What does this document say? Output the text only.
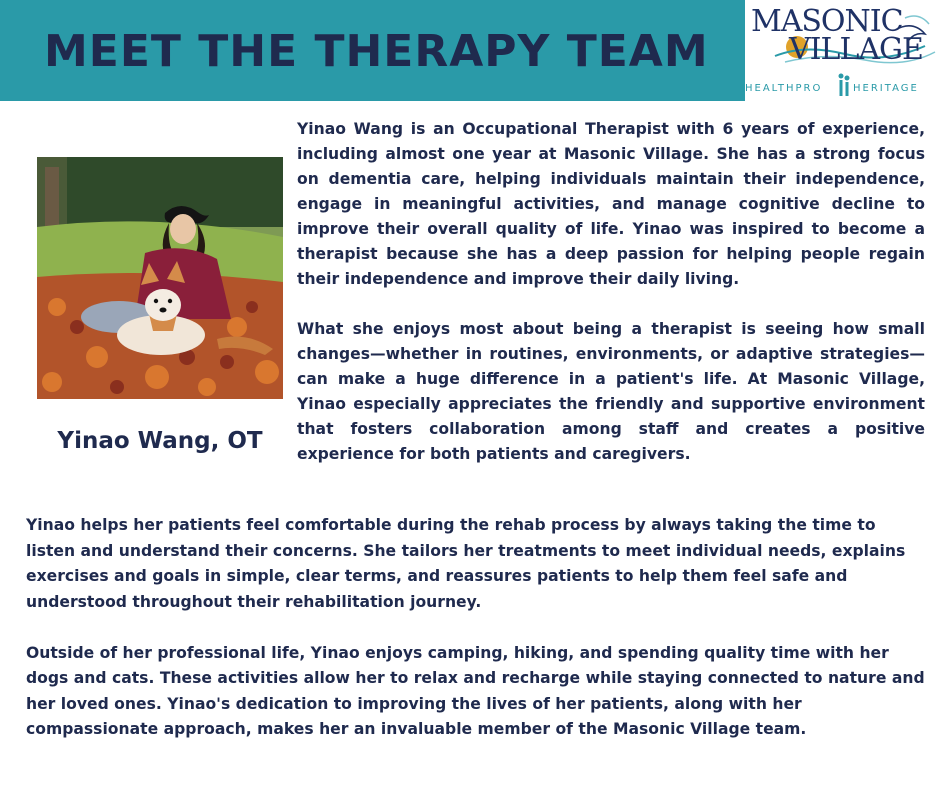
MEET THE THERAPY TEAM
MASONIC
VILLAGE
HEALTHPRO	HERITAGE
Yinao Wang, OT

Yinao Wang is an Occupational Therapist with 6 years of experience, including almost one year at Masonic Village. She has a strong focus on dementia care, helping individuals maintain their independence, engage in meaningful activities, and manage cognitive decline to improve their overall quality of life. Yinao was inspired to become a therapist because she has a deep passion for helping people regain their independence and improve their daily living.

What she enjoys most about being a therapist is seeing how small changes—whether in routines, environments, or adaptive strategies—can make a huge difference in a patient's life. At Masonic Village, Yinao especially appreciates the friendly and supportive environment that fosters collaboration among staff and creates a positive experience for both patients and caregivers.

Yinao helps her patients feel comfortable during the rehab process by always taking the time to listen and understand their concerns. She tailors her treatments to meet individual needs, explains exercises and goals in simple, clear terms, and reassures patients to help them feel safe and understood throughout their rehabilitation journey.

Outside of her professional life, Yinao enjoys camping, hiking, and spending quality time with her dogs and cats. These activities allow her to relax and recharge while staying connected to nature and her loved ones. Yinao's dedication to improving the lives of her patients, along with her compassionate approach, makes her an invaluable member of the Masonic Village team.
